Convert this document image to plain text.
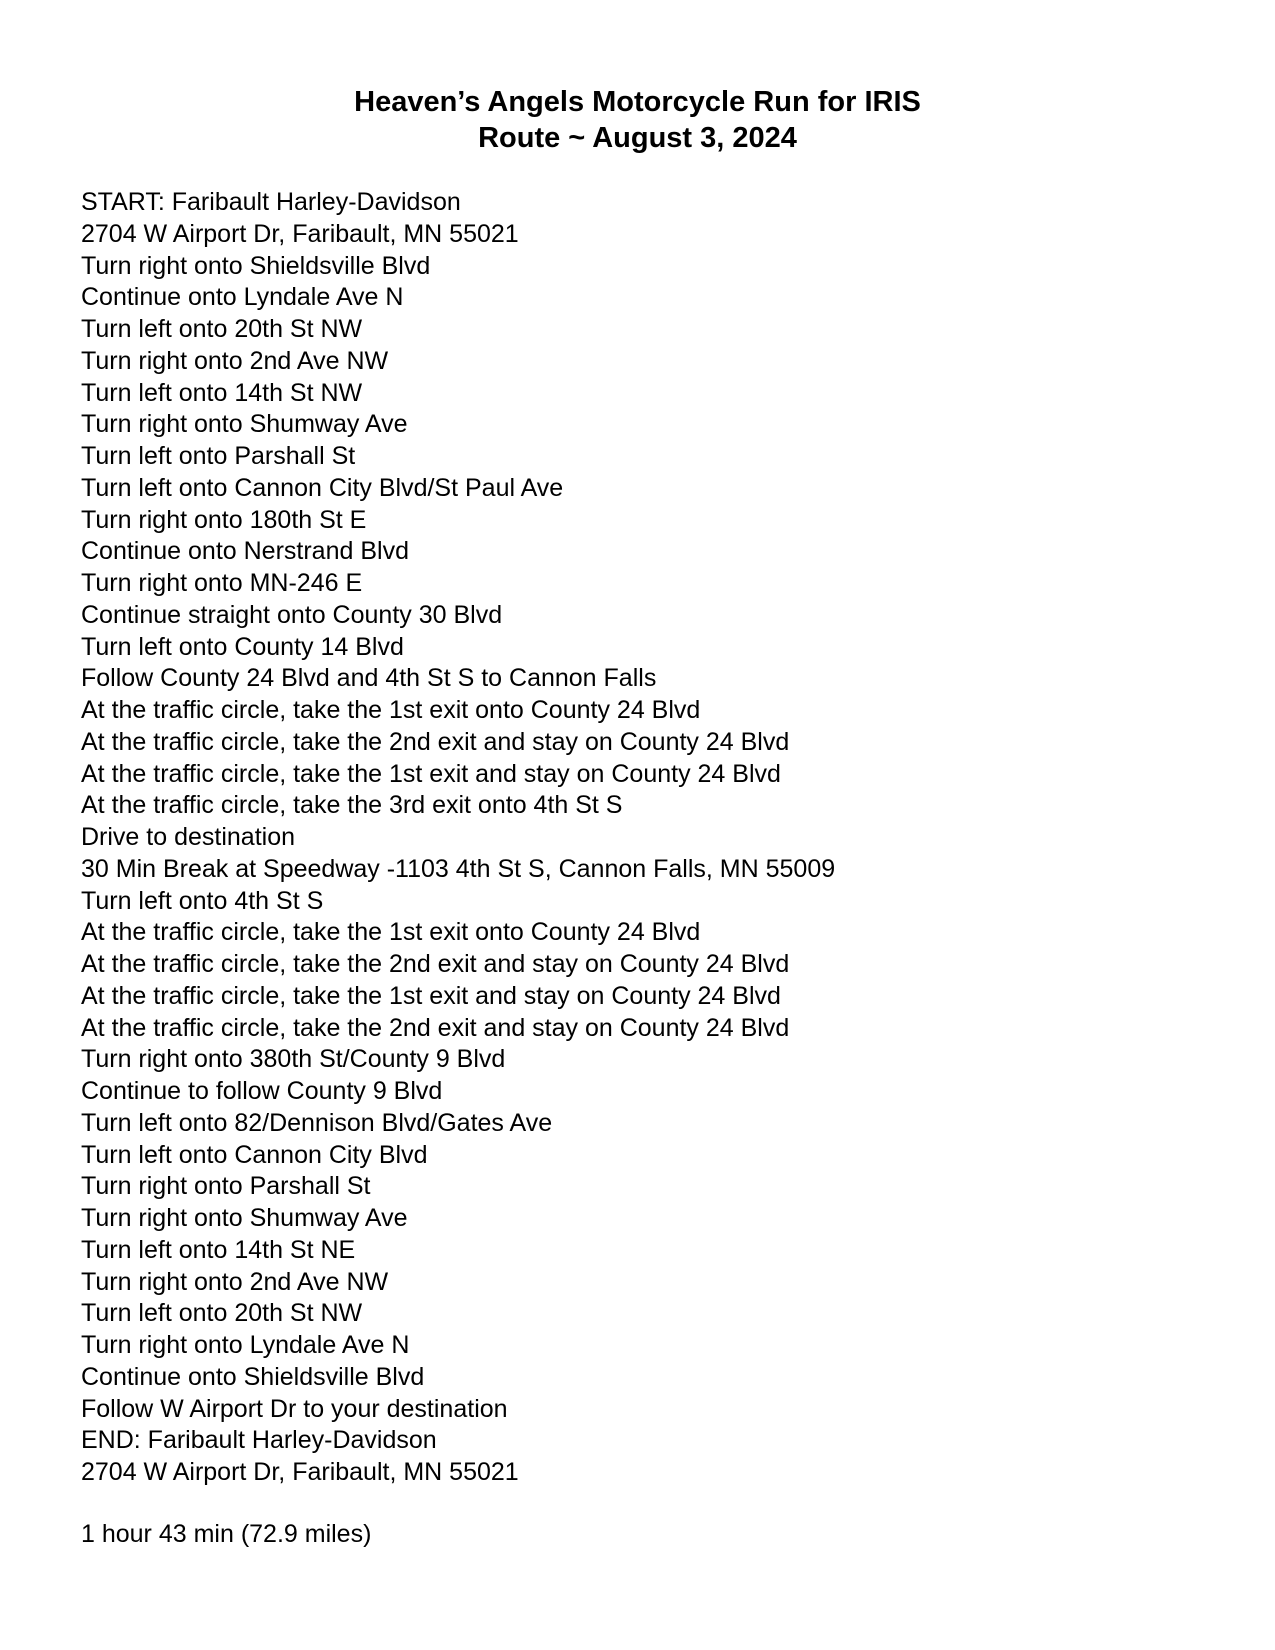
Heaven’s Angels Motorcycle Run for IRIS
Route ~ August 3, 2024
START: Faribault Harley-Davidson
2704 W Airport Dr, Faribault, MN 55021
Turn right onto Shieldsville Blvd
Continue onto Lyndale Ave N
Turn left onto 20th St NW
Turn right onto 2nd Ave NW
Turn left onto 14th St NW
Turn right onto Shumway Ave
Turn left onto Parshall St
Turn left onto Cannon City Blvd/St Paul Ave
Turn right onto 180th St E
Continue onto Nerstrand Blvd
Turn right onto MN-246 E
Continue straight onto County 30 Blvd
Turn left onto County 14 Blvd
Follow County 24 Blvd and 4th St S to Cannon Falls
At the traffic circle, take the 1st exit onto County 24 Blvd
At the traffic circle, take the 2nd exit and stay on County 24 Blvd
At the traffic circle, take the 1st exit and stay on County 24 Blvd
At the traffic circle, take the 3rd exit onto 4th St S
Drive to destination
30 Min Break at Speedway -1103 4th St S, Cannon Falls, MN 55009
Turn left onto 4th St S
At the traffic circle, take the 1st exit onto County 24 Blvd
At the traffic circle, take the 2nd exit and stay on County 24 Blvd
At the traffic circle, take the 1st exit and stay on County 24 Blvd
At the traffic circle, take the 2nd exit and stay on County 24 Blvd
Turn right onto 380th St/County 9 Blvd
Continue to follow County 9 Blvd
Turn left onto 82/Dennison Blvd/Gates Ave
Turn left onto Cannon City Blvd
Turn right onto Parshall St
Turn right onto Shumway Ave
Turn left onto 14th St NE
Turn right onto 2nd Ave NW
Turn left onto 20th St NW
Turn right onto Lyndale Ave N
Continue onto Shieldsville Blvd
Follow W Airport Dr to your destination
END: Faribault Harley-Davidson
2704 W Airport Dr, Faribault, MN 55021
1 hour 43 min (72.9 miles)
